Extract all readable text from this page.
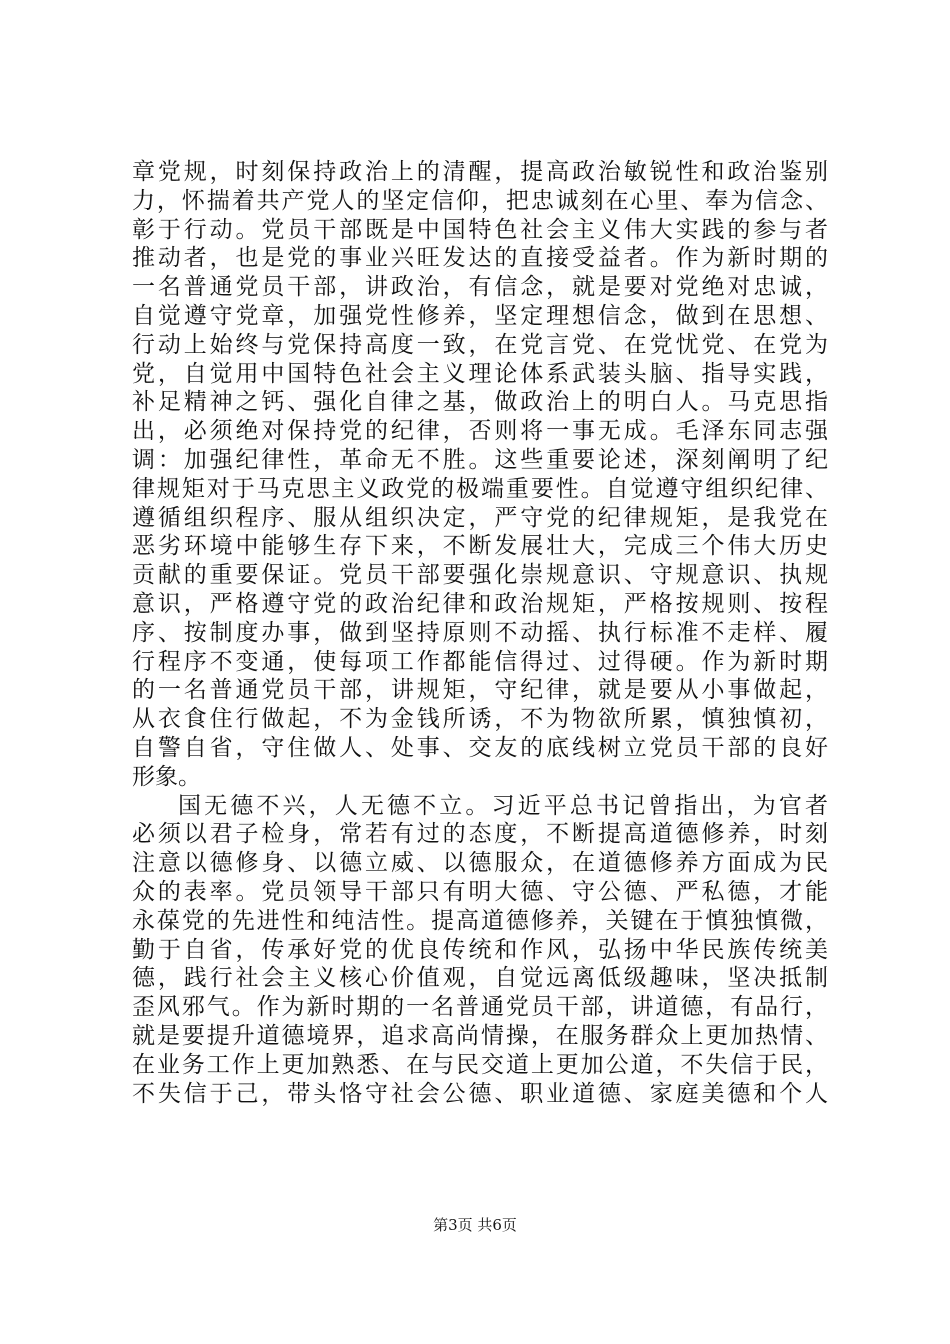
章党规，时刻保持政治上的清醒，提高政治敏锐性和政治鉴别
力，怀揣着共产党人的坚定信仰，把忠诚刻在心里、奉为信念、
彰于行动。党员干部既是中国特色社会主义伟大实践的参与者
推动者，也是党的事业兴旺发达的直接受益者。作为新时期的
一名普通党员干部，讲政治，有信念，就是要对党绝对忠诚，
自觉遵守党章，加强党性修养，坚定理想信念，做到在思想、
行动上始终与党保持高度一致，在党言党、在党忧党、在党为
党，自觉用中国特色社会主义理论体系武装头脑、指导实践，
补足精神之钙、强化自律之基，做政治上的明白人。马克思指
出，必须绝对保持党的纪律，否则将一事无成。毛泽东同志强
调：加强纪律性，革命无不胜。这些重要论述，深刻阐明了纪
律规矩对于马克思主义政党的极端重要性。自觉遵守组织纪律、
遵循组织程序、服从组织决定，严守党的纪律规矩，是我党在
恶劣环境中能够生存下来，不断发展壮大，完成三个伟大历史
贡献的重要保证。党员干部要强化崇规意识、守规意识、执规
意识，严格遵守党的政治纪律和政治规矩，严格按规则、按程
序、按制度办事，做到坚持原则不动摇、执行标准不走样、履
行程序不变通，使每项工作都能信得过、过得硬。作为新时期
的一名普通党员干部，讲规矩，守纪律，就是要从小事做起，
从衣食住行做起，不为金钱所诱，不为物欲所累，慎独慎初，
自警自省，守住做人、处事、交友的底线树立党员干部的良好
形象。
国无德不兴，人无德不立。习近平总书记曾指出，为官者
必须以君子检身，常若有过的态度，不断提高道德修养，时刻
注意以德修身、以德立威、以德服众，在道德修养方面成为民
众的表率。党员领导干部只有明大德、守公德、严私德，才能
永葆党的先进性和纯洁性。提高道德修养，关键在于慎独慎微，
勤于自省，传承好党的优良传统和作风，弘扬中华民族传统美
德，践行社会主义核心价值观，自觉远离低级趣味，坚决抵制
歪风邪气。作为新时期的一名普通党员干部，讲道德，有品行，
就是要提升道德境界，追求高尚情操，在服务群众上更加热情、
在业务工作上更加熟悉、在与民交道上更加公道，不失信于民，
不失信于己，带头恪守社会公德、职业道德、家庭美德和个人
第3页 共6页
